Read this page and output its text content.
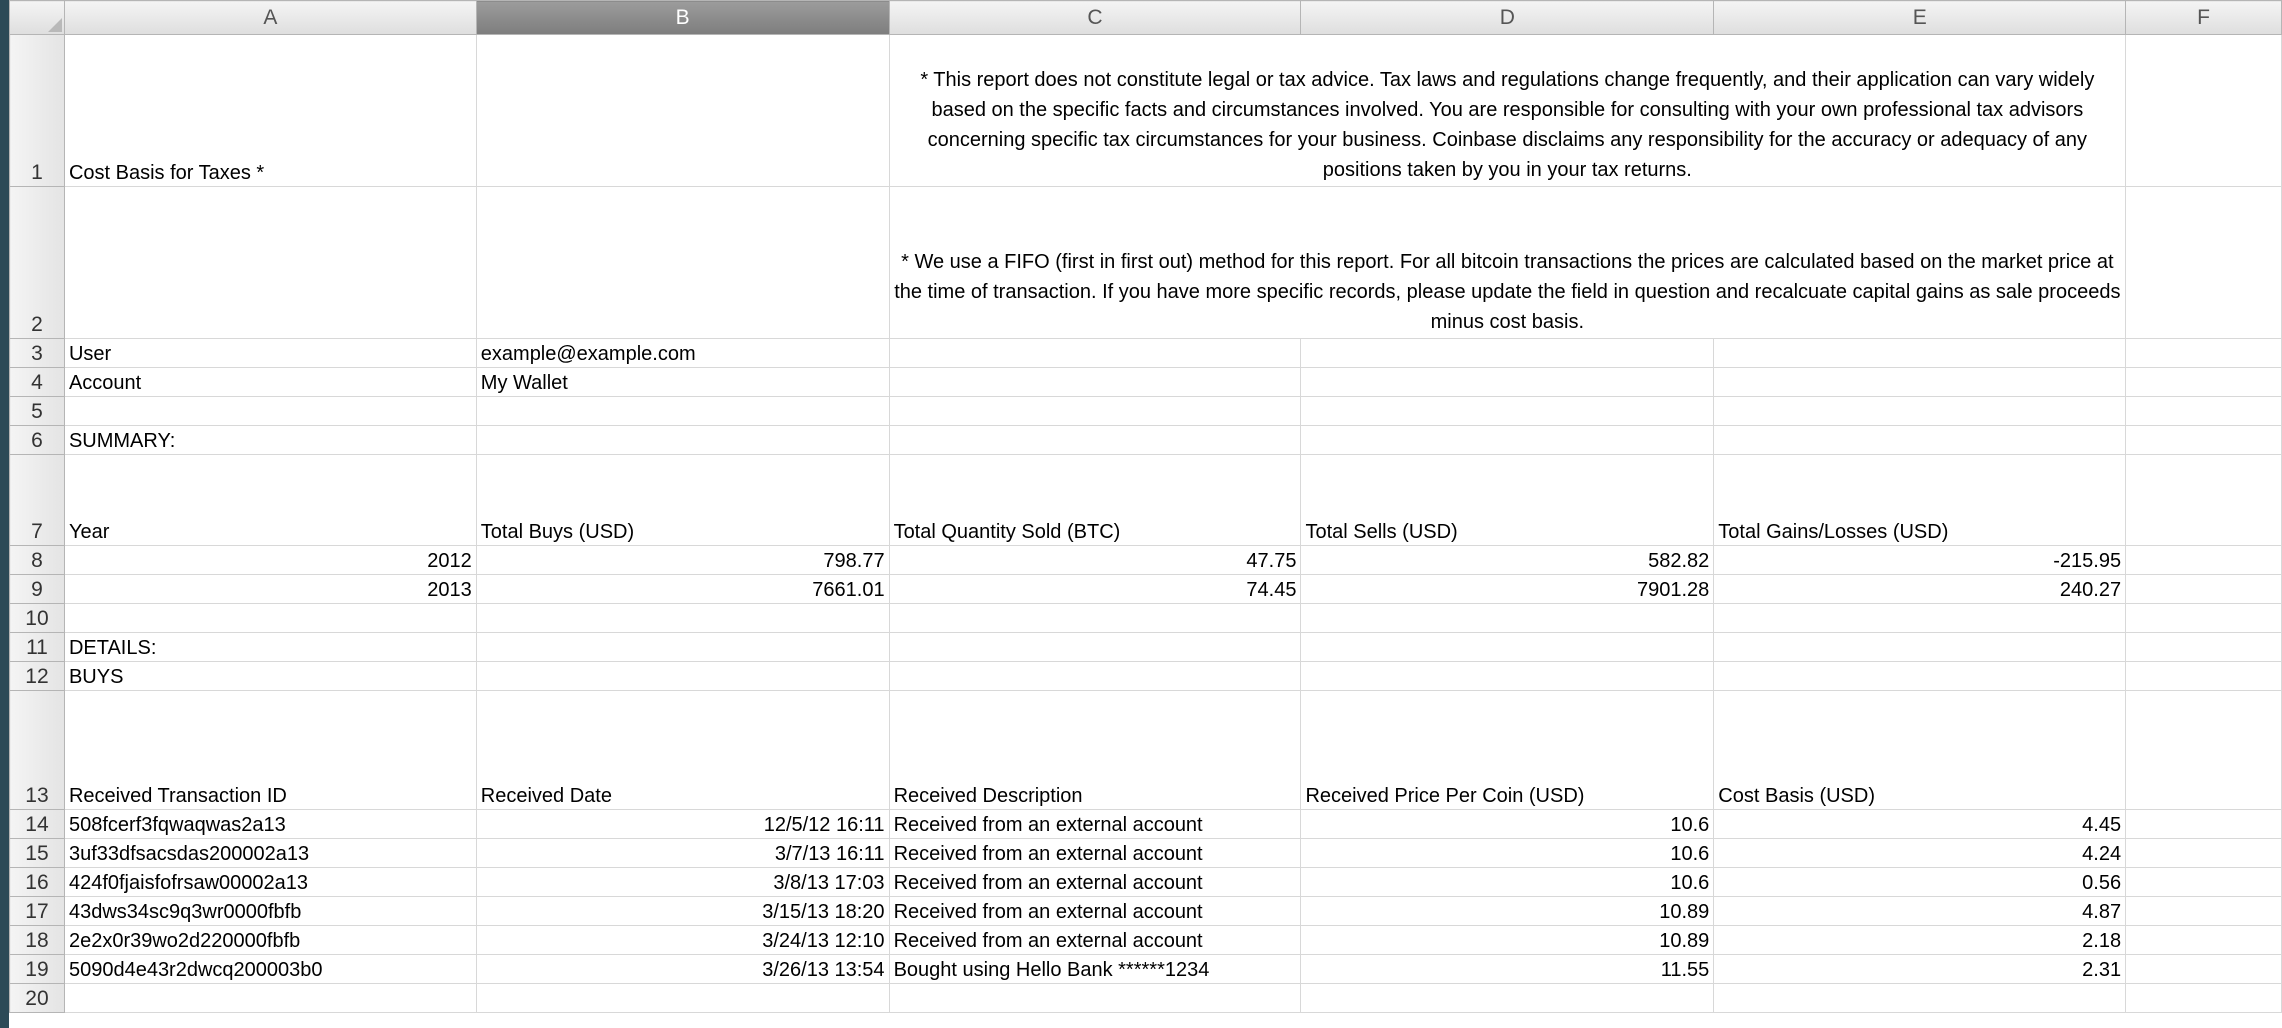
	A	B	C	D	E	F
1	Cost Basis for Taxes *		* This report does not constitute legal or tax advice. Tax laws and regulations change frequently, and their application can vary widely based on the specific facts and circumstances involved. You are responsible for consulting with your own professional tax advisors concerning specific tax circumstances for your business. Coinbase disclaims any responsibility for the accuracy or adequacy of any positions taken by you in your tax returns.			
2			* We use a FIFO (first in first out) method for this report. For all bitcoin transactions the prices are calculated based on the market price at the time of transaction. If you have more specific records, please update the field in question and recalcuate capital gains as sale proceeds minus cost basis.			
3	User	example@example.com				
4	Account	My Wallet				
5						
6	SUMMARY:					
7	Year	Total Buys (USD)	Total Quantity Sold (BTC)	Total Sells (USD)	Total Gains/Losses (USD)	
8	2012	798.77	47.75	582.82	-215.95	
9	2013	7661.01	74.45	7901.28	240.27	
10						
11	DETAILS:					
12	BUYS					
13	Received Transaction ID	Received Date	Received Description	Received Price Per Coin (USD)	Cost Basis (USD)	
14	508fcerf3fqwaqwas2a13	12/5/12 16:11	Received from an external account	10.6	4.45	
15	3uf33dfsacsdas200002a13	3/7/13 16:11	Received from an external account	10.6	4.24	
16	424f0fjaisfofrsaw00002a13	3/8/13 17:03	Received from an external account	10.6	0.56	
17	43dws34sc9q3wr0000fbfb	3/15/13 18:20	Received from an external account	10.89	4.87	
18	2e2x0r39wo2d220000fbfb	3/24/13 12:10	Received from an external account	10.89	2.18	
19	5090d4e43r2dwcq200003b0	3/26/13 13:54	Bought using Hello Bank ******1234	11.55	2.31	
20						
